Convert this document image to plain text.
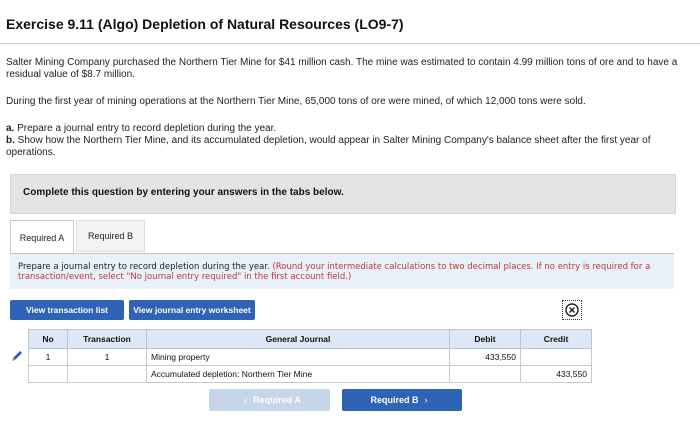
Exercise 9.11 (Algo) Depletion of Natural Resources (LO9-7)
Salter Mining Company purchased the Northern Tier Mine for $41 million cash. The mine was estimated to contain 4.99 million tons of ore and to have a residual value of $8.7 million.
During the first year of mining operations at the Northern Tier Mine, 65,000 tons of ore were mined, of which 12,000 tons were sold.
a. Prepare a journal entry to record depletion during the year.
b. Show how the Northern Tier Mine, and its accumulated depletion, would appear in Salter Mining Company's balance sheet after the first year of operations.
Complete this question by entering your answers in the tabs below.
Required A	Required B
Prepare a journal entry to record depletion during the year. (Round your intermediate calculations to two decimal places. If no entry is required for a transaction/event, select "No journal entry required" in the first account field.)
View transaction list	View journal entry worksheet
No	Transaction	General Journal	Debit	Credit
1	1	Mining property	433,550	
		Accumulated depletion: Northern Tier Mine		433,550
‹ Required A	Required B ›
